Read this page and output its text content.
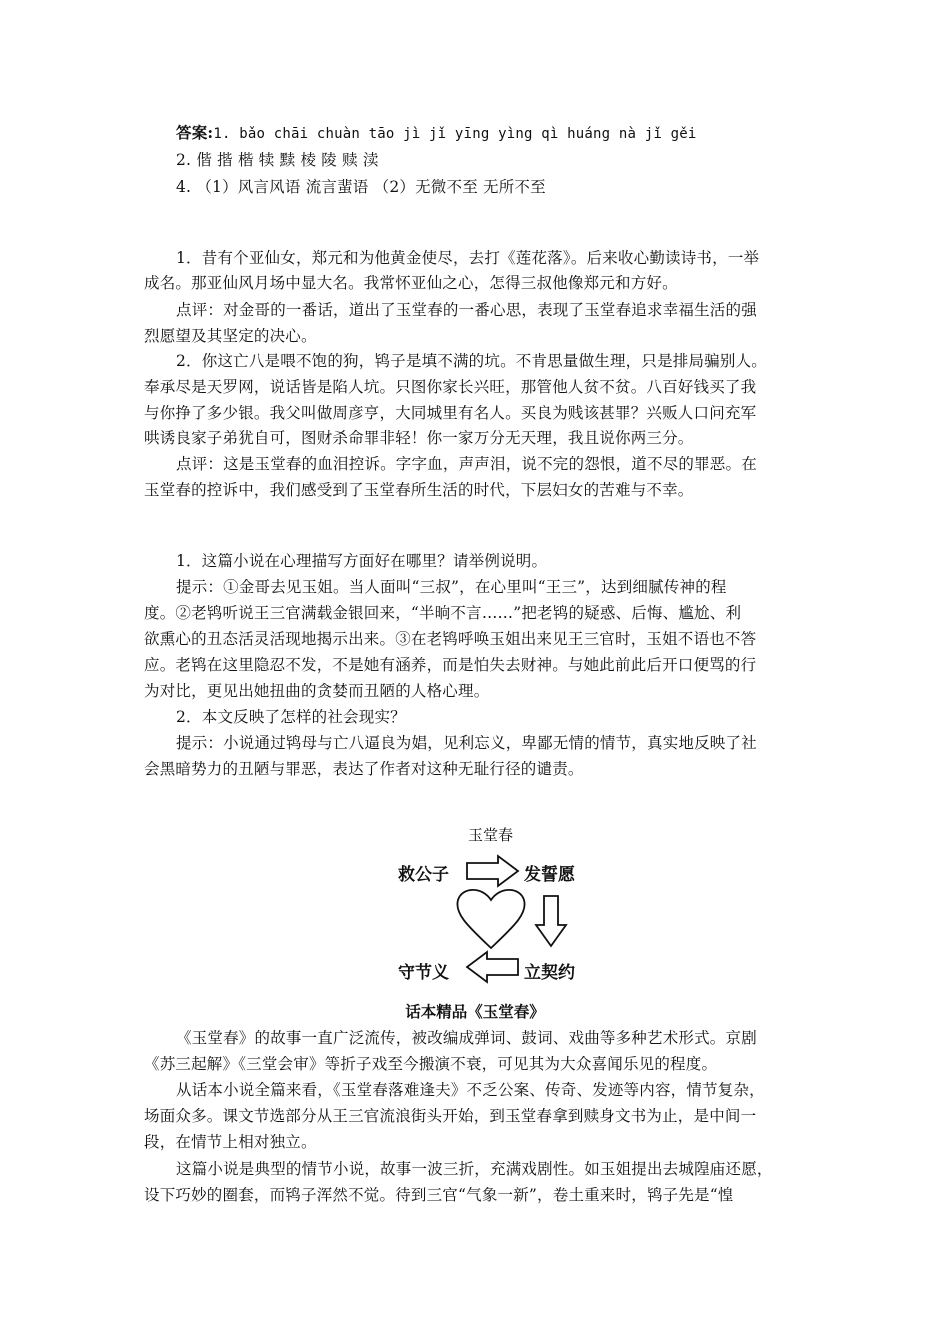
答案:1. bǎo chāi chuàn tāo jì jǐ yīng yìng qì huáng nà jǐ gěi
2. 偕 揩 楷 犊 黩 棱 陵 赎 渎
4. （1）风言风语 流言蜚语 （2）无微不至 无所不至
1．昔有个亚仙女，郑元和为他黄金使尽，去打《莲花落》。后来收心勤读诗书，一举
成名。那亚仙风月场中显大名。我常怀亚仙之心，怎得三叔他像郑元和方好。
点评：对金哥的一番话，道出了玉堂春的一番心思，表现了玉堂春追求幸福生活的强
烈愿望及其坚定的决心。
2．你这亡八是喂不饱的狗，鸨子是填不满的坑。不肯思量做生理，只是排局骗别人。
奉承尽是天罗网，说话皆是陷人坑。只图你家长兴旺，那管他人贫不贫。八百好钱买了我
与你挣了多少银。我父叫做周彦亨，大同城里有名人。买良为贱该甚罪？兴贩人口问充军
哄诱良家子弟犹自可，图财杀命罪非轻！你一家万分无天理，我且说你两三分。
点评：这是玉堂春的血泪控诉。字字血，声声泪，说不完的怨恨，道不尽的罪恶。在
玉堂春的控诉中，我们感受到了玉堂春所生活的时代，下层妇女的苦难与不幸。
1．这篇小说在心理描写方面好在哪里？请举例说明。
提示：①金哥去见玉姐。当人面叫“三叔”，在心里叫“王三”，达到细腻传神的程
度。②老鸨听说王三官满载金银回来，“半晌不言……”把老鸨的疑惑、后悔、尴尬、利
欲熏心的丑态活灵活现地揭示出来。③在老鸨呼唤玉姐出来见王三官时，玉姐不语也不答
应。老鸨在这里隐忍不发，不是她有涵养，而是怕失去财神。与她此前此后开口便骂的行
为对比，更见出她扭曲的贪婪而丑陋的人格心理。
2．本文反映了怎样的社会现实？
提示：小说通过鸨母与亡八逼良为娼，见利忘义，卑鄙无情的情节，真实地反映了社
会黑暗势力的丑陋与罪恶，表达了作者对这种无耻行径的谴责。
玉堂春
救公子	发誓愿
立契约
守节义
话本精品《玉堂春》
《玉堂春》的故事一直广泛流传，被改编成弹词、鼓词、戏曲等多种艺术形式。京剧
《苏三起解》《三堂会审》等折子戏至今搬演不衰，可见其为大众喜闻乐见的程度。
从话本小说全篇来看，《玉堂春落难逢夫》不乏公案、传奇、发迹等内容，情节复杂，
场面众多。课文节选部分从王三官流浪街头开始，到玉堂春拿到赎身文书为止，是中间一
段，在情节上相对独立。
这篇小说是典型的情节小说，故事一波三折，充满戏剧性。如玉姐提出去城隍庙还愿，
设下巧妙的圈套，而鸨子浑然不觉。待到三官“气象一新”，卷土重来时，鸨子先是“惶
